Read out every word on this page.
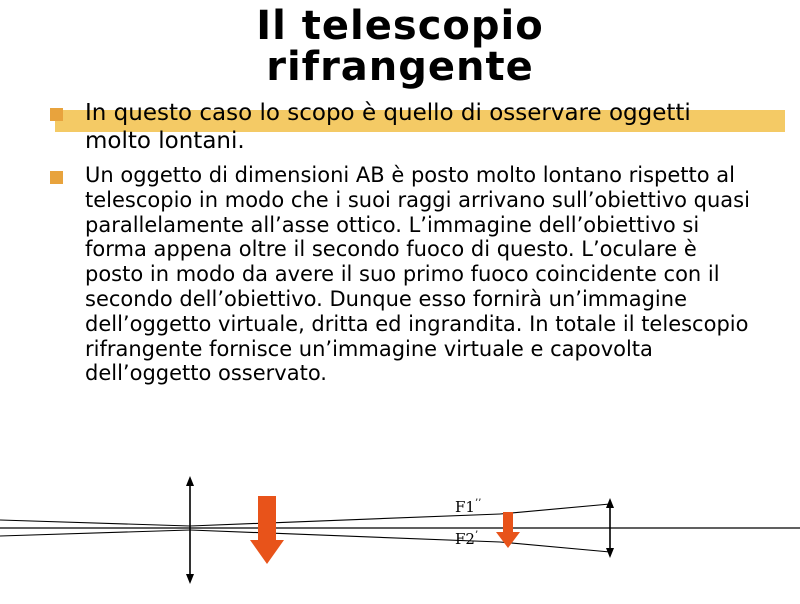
Il telescopio
rifrangente
In questo caso lo scopo è quello di osservare oggetti molto lontani.
Un oggetto di dimensioni AB è posto molto lontano rispetto al telescopio in modo che i suoi raggi arrivano sull’obiettivo quasi parallelamente all’asse ottico. L’immagine dell’obiettivo si forma appena oltre il secondo fuoco di questo. L’oculare è posto in modo da avere il suo primo fuoco coincidente con il secondo dell’obiettivo. Dunque esso fornirà un’immagine dell’oggetto virtuale, dritta ed ingrandita. In totale il telescopio rifrangente fornisce un’immagine virtuale e capovolta dell’oggetto osservato.
F1’’
F2’
